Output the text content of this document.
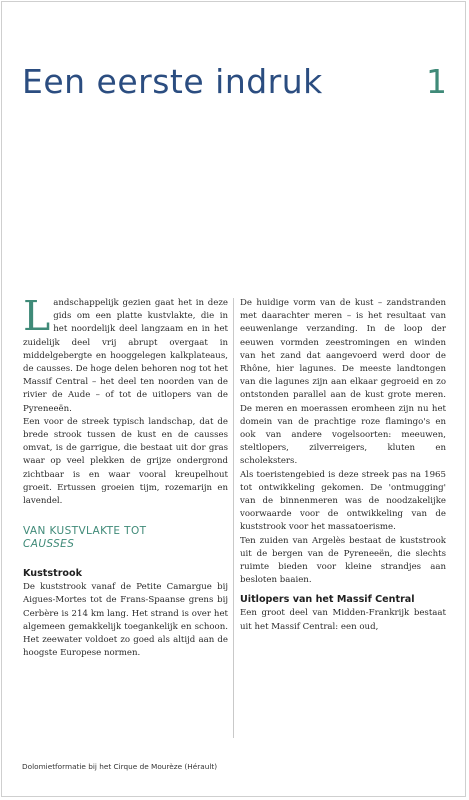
Een eerste indruk	1

Landschappelijk gezien gaat het in deze gids om een platte kustvlakte, die in het noordelijk deel langzaam en in het zuidelijk deel vrij abrupt overgaat in middelgebergte en hooggelegen kalkplateaus, de causses. De hoge delen behoren nog tot het Massif Central – het deel ten noorden van de rivier de Aude – of tot de uitlopers van de Pyreneeën.

Een voor de streek typisch landschap, dat de brede strook tussen de kust en de causses omvat, is de garrigue, die bestaat uit dor gras waar op veel plekken de grijze ondergrond zichtbaar is en waar vooral kreupelhout groeit. Ertussen groeien tijm, rozemarijn en lavendel.

VAN KUSTVLAKTE TOT
CAUSSES
Kuststrook

De kuststrook vanaf de Petite Camargue bij Aigues-Mortes tot de Frans-Spaanse grens bij Cerbère is 214 km lang. Het strand is over het algemeen gemakkelijk toegankelijk en schoon. Het zeewater voldoet zo goed als altijd aan de hoogste Europese normen.

De huidige vorm van de kust – zandstranden met daarachter meren – is het resultaat van eeuwenlange verzanding. In de loop der eeuwen vormden zeestromingen en winden van het zand dat aangevoerd werd door de Rhône, hier lagunes. De meeste landtongen van die lagunes zijn aan elkaar gegroeid en zo ontstonden parallel aan de kust grote meren. De meren en moerassen eromheen zijn nu het domein van de prachtige roze flamingo's en ook van andere vogelsoorten: meeuwen, steltlopers, zilverreigers, kluten en scholeksters.

Als toeristengebied is deze streek pas na 1965 tot ontwikkeling gekomen. De 'ontmugging' van de binnenmeren was de noodzakelijke voorwaarde voor de ontwikkeling van de kuststrook voor het massatoerisme.

Ten zuiden van Argelès bestaat de kuststrook uit de bergen van de Pyreneeën, die slechts ruimte bieden voor kleine strandjes aan besloten baaien.

Uitlopers van het Massif Central

Een groot deel van Midden-Frankrijk bestaat uit het Massif Central: een oud,

Dolomietformatie bij het Cirque de Mourèze (Hérault)
